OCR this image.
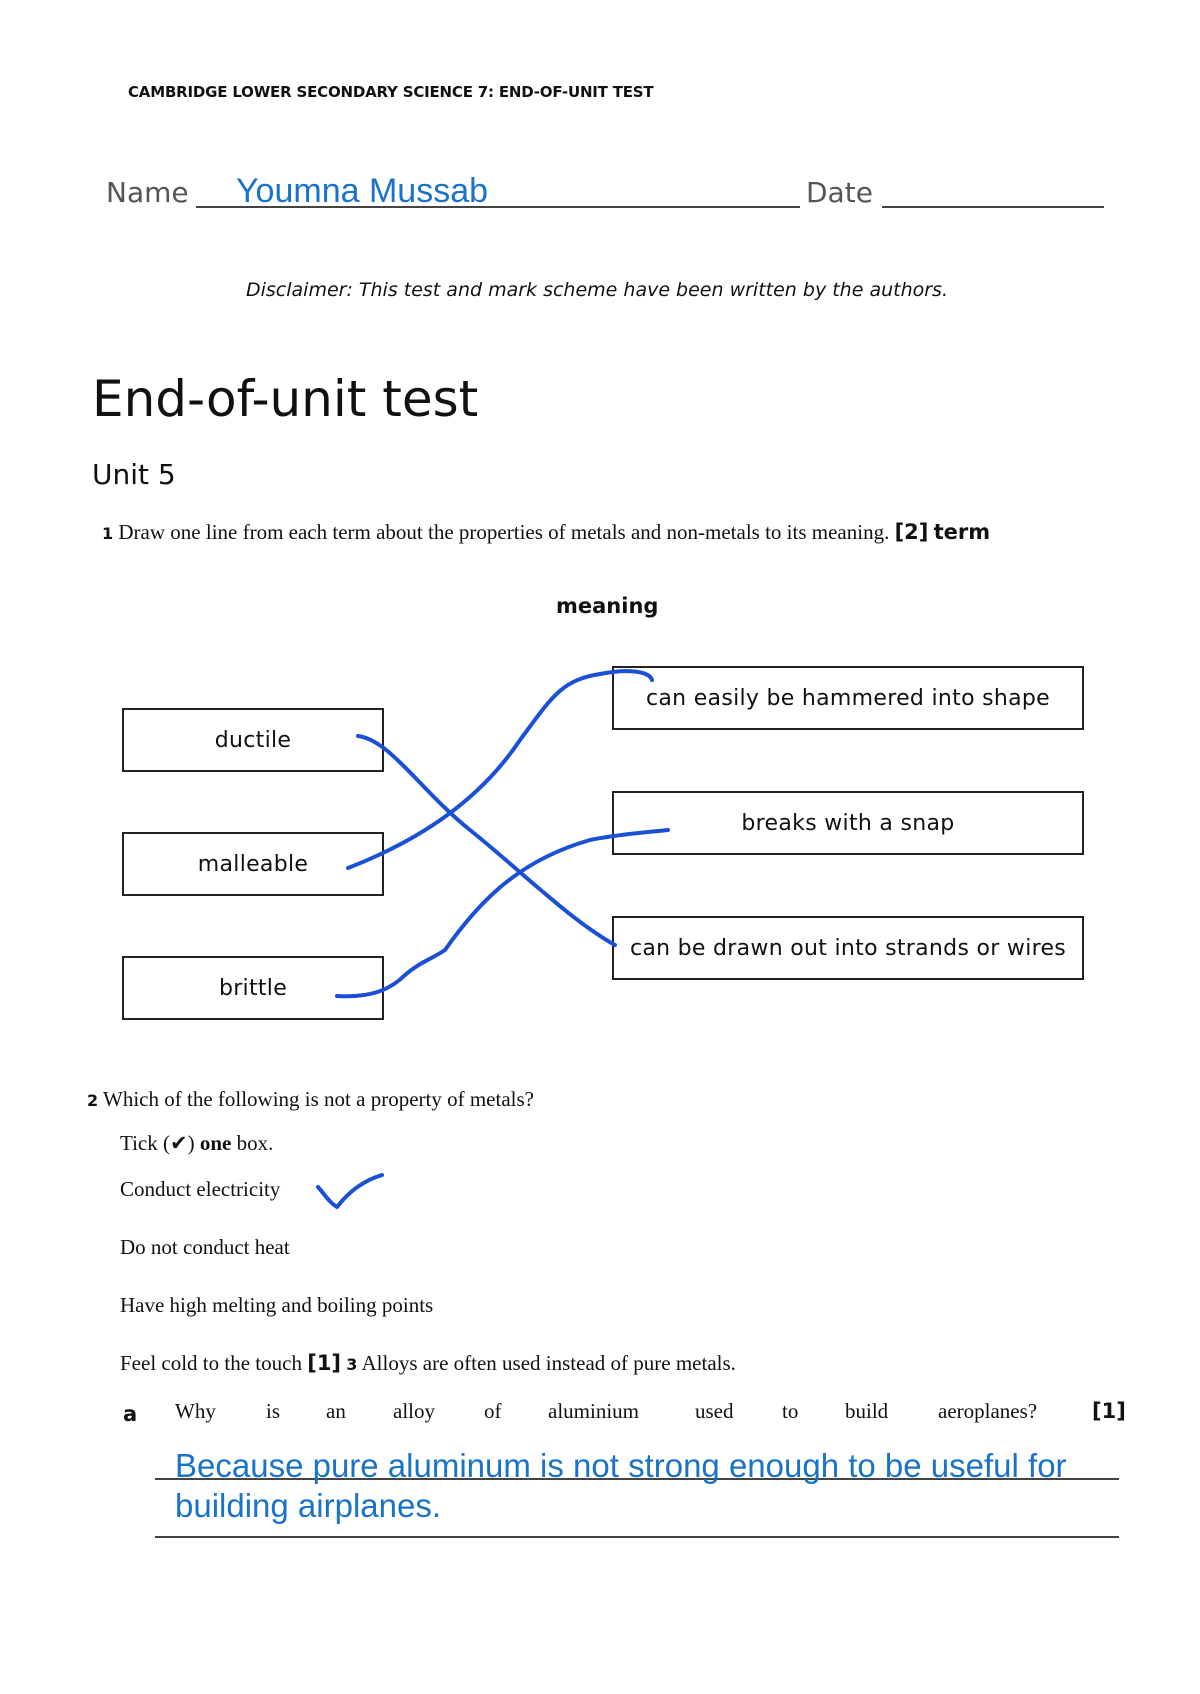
CAMBRIDGE LOWER SECONDARY SCIENCE 7: END-OF-UNIT TEST
Name Youmna Mussab	Date
Disclaimer: This test and mark scheme have been written by the authors.
End-of-unit test
Unit 5
1 Draw one line from each term about the properties of metals and non-metals to its meaning. [2] term
meaning
ductile
malleable
brittle
can easily be hammered into shape
breaks with a snap
can be drawn out into strands or wires
2 Which of the following is not a property of metals?
Tick (✔) one box.
Conduct electricity
Do not conduct heat
Have high melting and boiling points
Feel cold to the touch [1] 3 Alloys are often used instead of pure metals.
a Why is an alloy of aluminium	used to build aeroplanes?	[1]
Because pure aluminum is not strong enough to be useful for
building airplanes.
